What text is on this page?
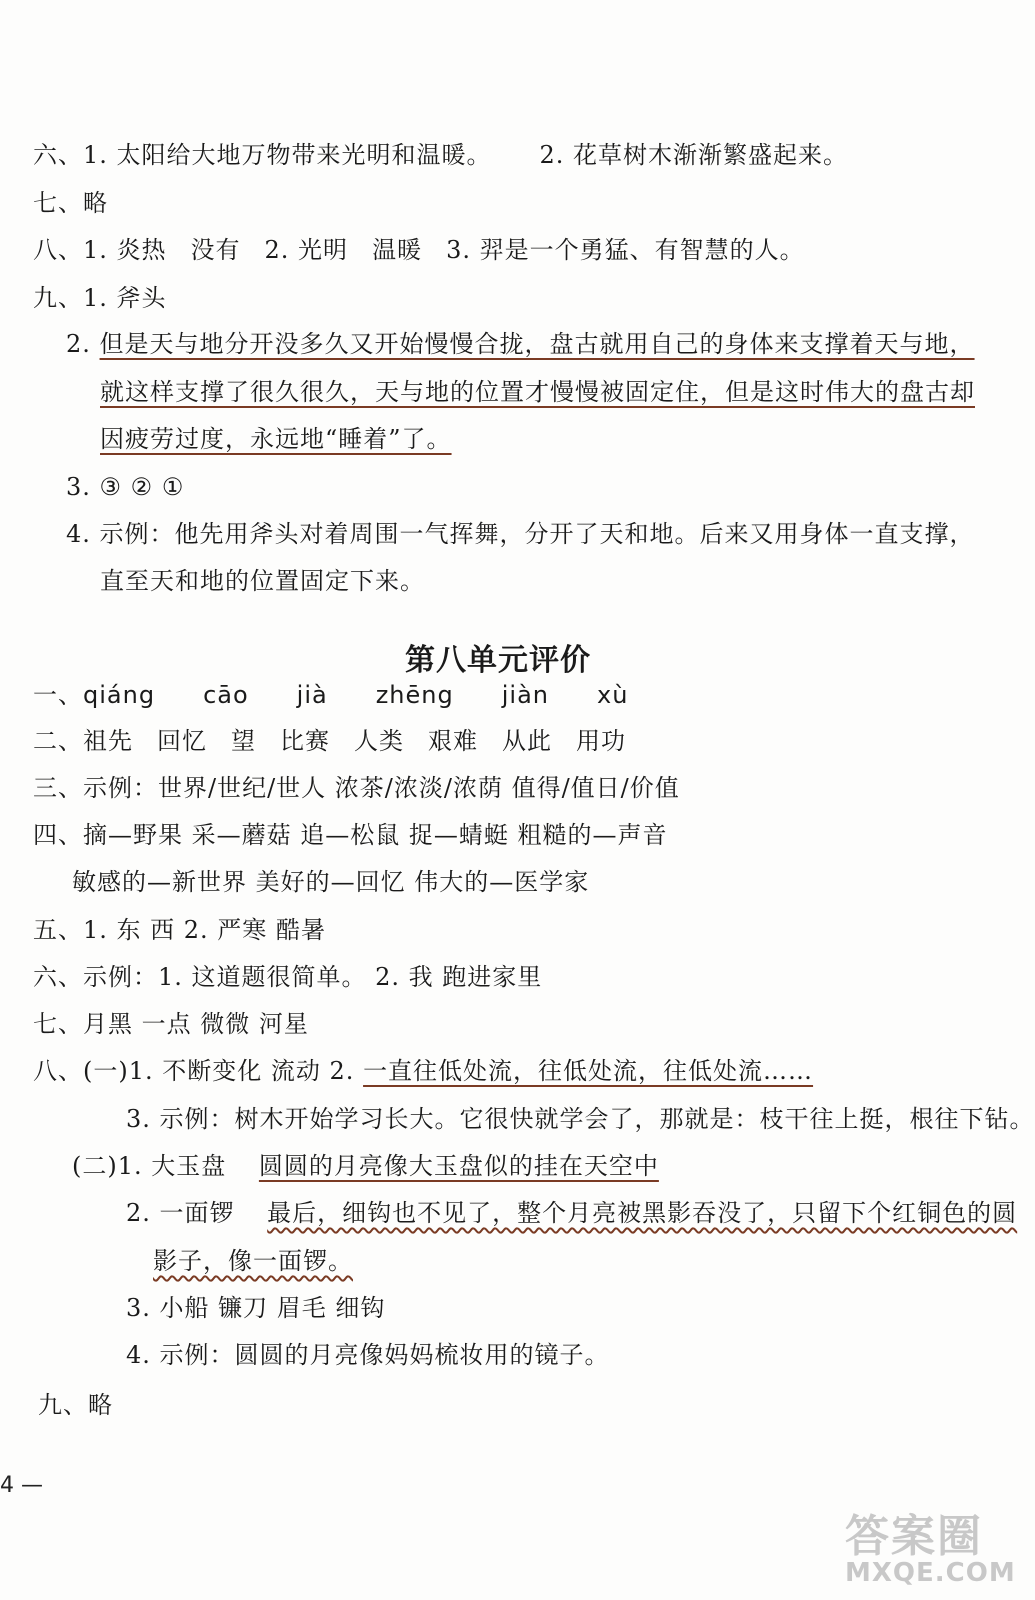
六、1. 太阳给大地万物带来光明和温暖。 2. 花草树木渐渐繁盛起来。
七、略
八、1. 炎热 没有 2. 光明 温暖 3. 羿是一个勇猛、有智慧的人。
九、1. 斧头
2. 但是天与地分开没多久又开始慢慢合拢，盘古就用自己的身体来支撑着天与地，
就这样支撑了很久很久，天与地的位置才慢慢被固定住，但是这时伟大的盘古却
因疲劳过度，永远地“睡着”了。
3. ③ ② ①
4. 示例：他先用斧头对着周围一气挥舞，分开了天和地。后来又用身体一直支撑，
直至天和地的位置固定下来。
第八单元评价
一、qiáng cāo jià zhēng jiàn xù
二、祖先 回忆 望 比赛 人类 艰难 从此 用功
三、示例：世界/世纪/世人 浓茶/浓淡/浓荫 值得/值日/价值
四、摘—野果 采—蘑菇 追—松鼠 捉—蜻蜓 粗糙的—声音
敏感的—新世界 美好的—回忆 伟大的—医学家
五、1. 东 西 2. 严寒 酷暑
六、示例：1. 这道题很简单。 2. 我 跑进家里
七、月黑 一点 微微 河星
八、(一)1. 不断变化 流动 2. 一直往低处流，往低处流，往低处流……
3. 示例：树木开始学习长大。它很快就学会了，那就是：枝干往上挺，根往下钻。
(二)1. 大玉盘 圆圆的月亮像大玉盘似的挂在天空中
2. 一面锣 最后，细钩也不见了，整个月亮被黑影吞没了，只留下个红铜色的圆
影子，像一面锣。
3. 小船 镰刀 眉毛 细钩
4. 示例：圆圆的月亮像妈妈梳妆用的镜子。
九、略
4 —
答案圈
MXQE.COM
